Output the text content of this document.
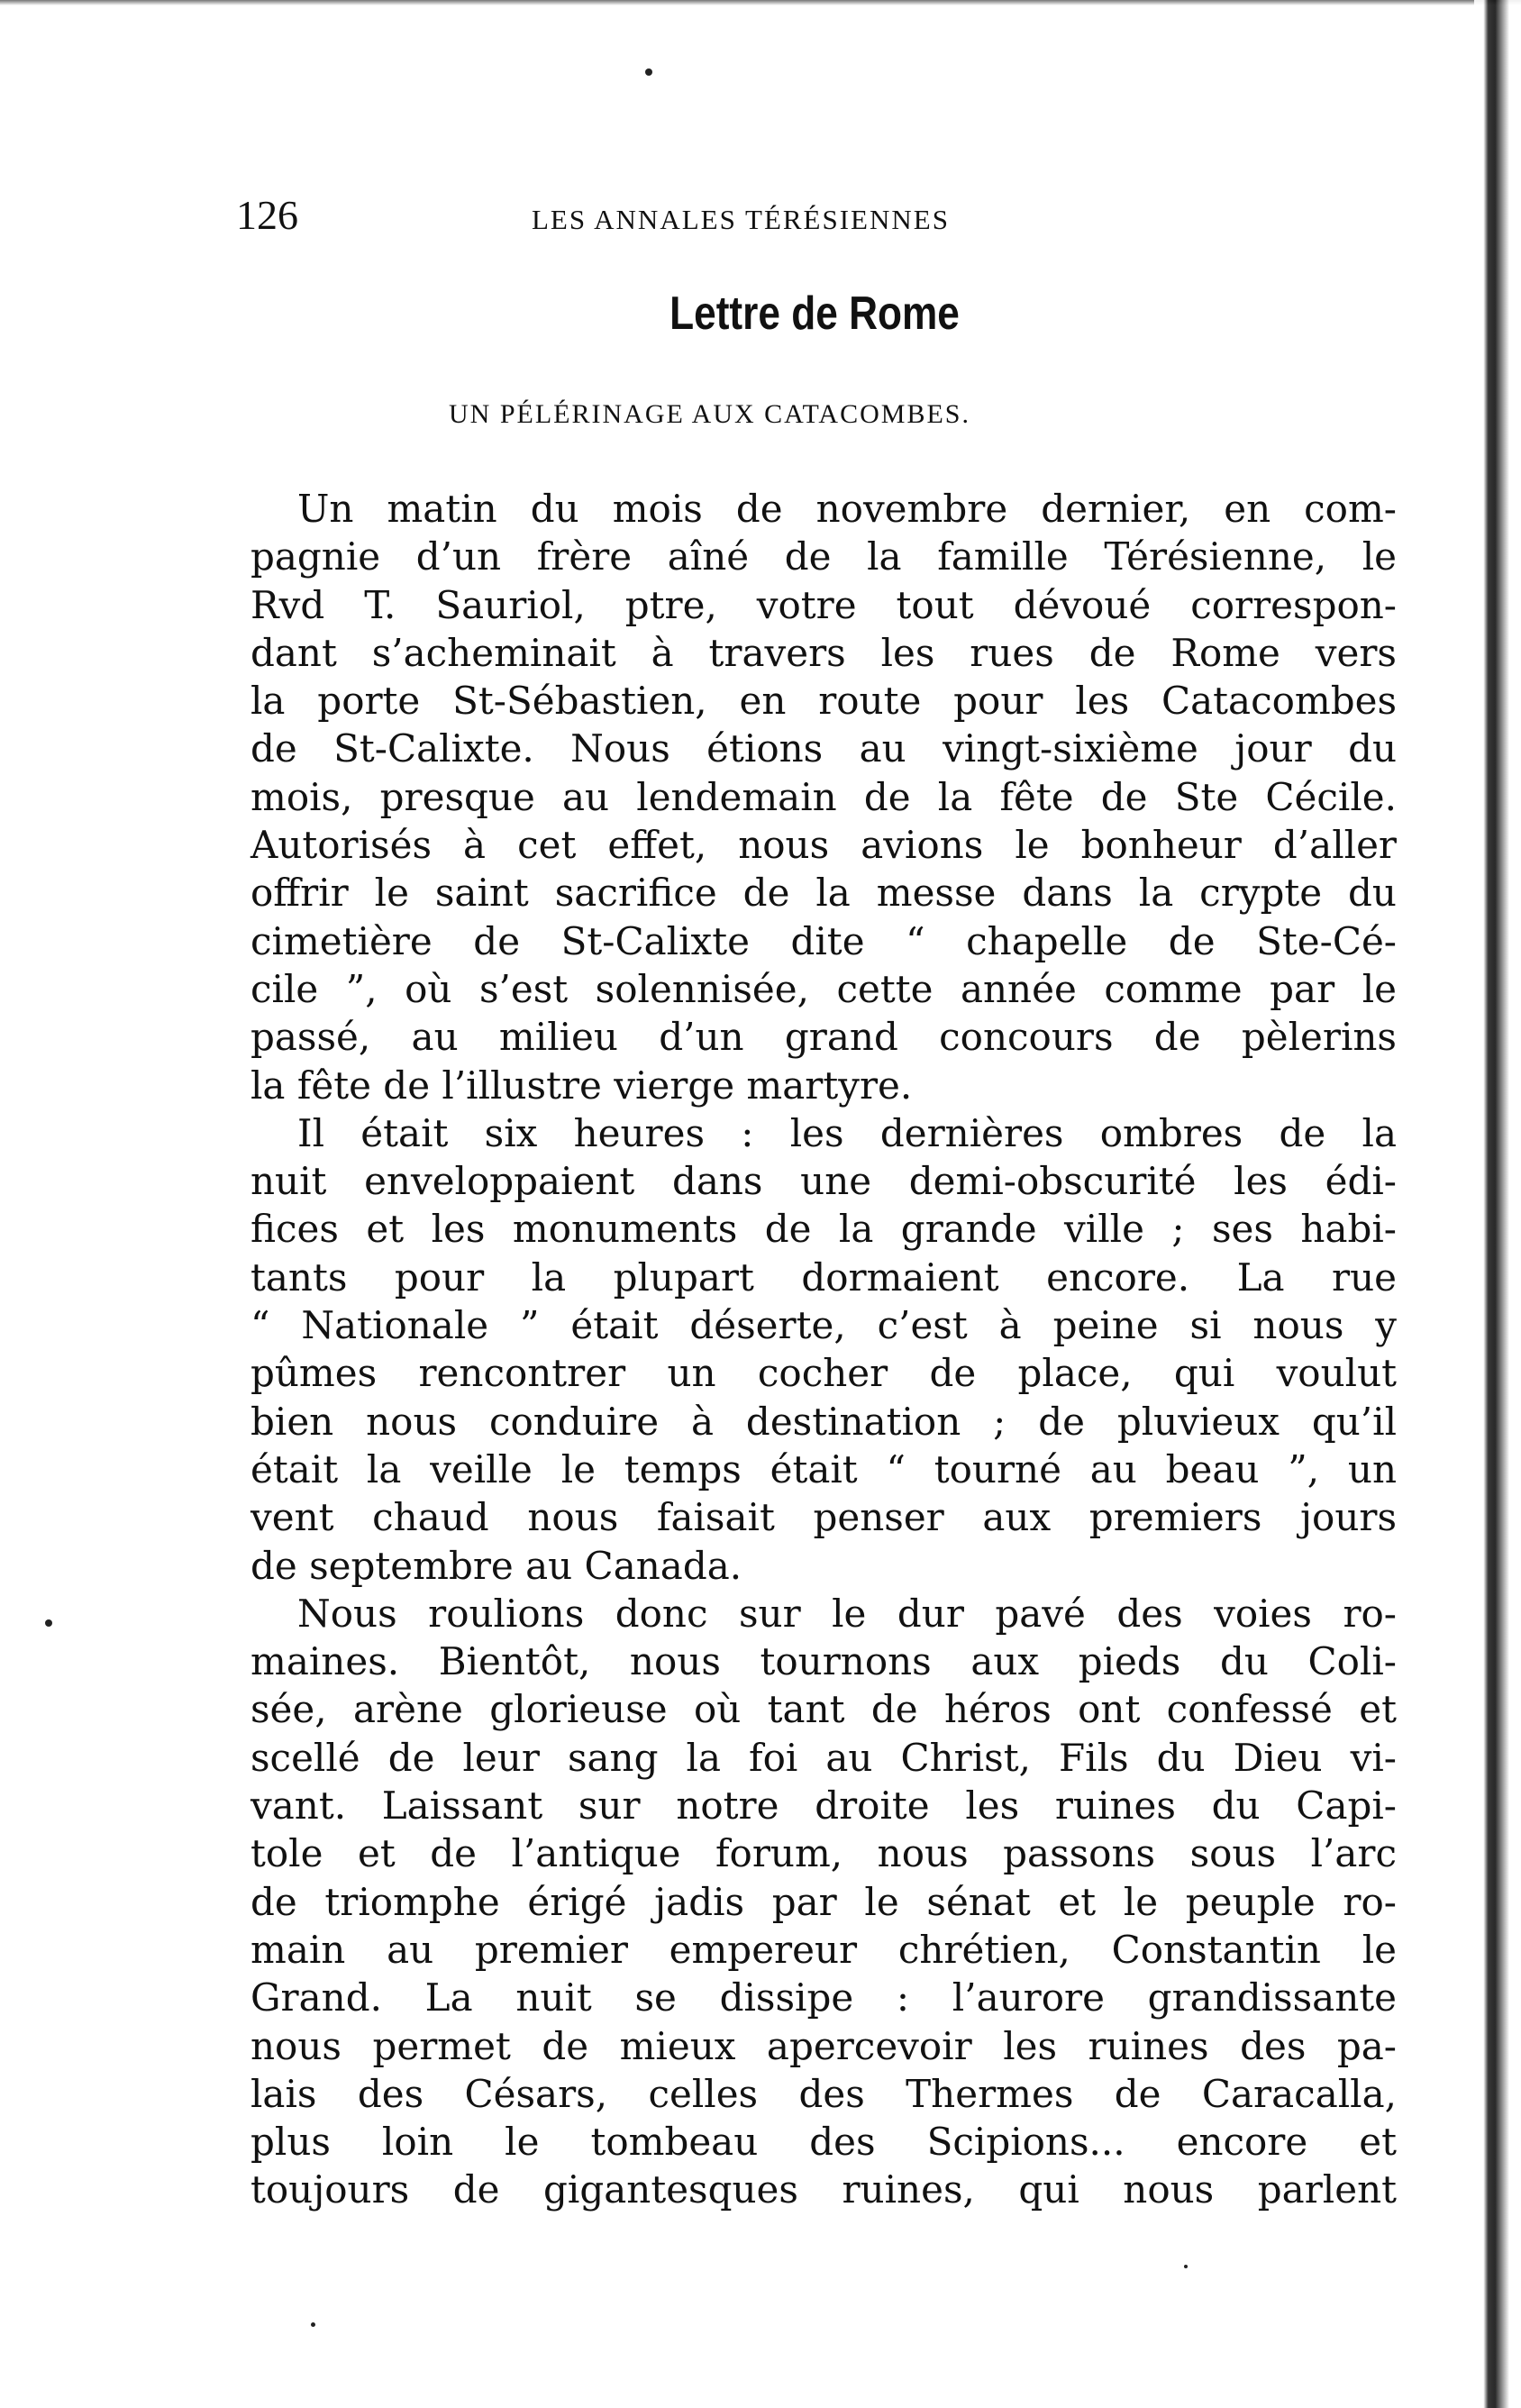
126	LES ANNALES TÉRÉSIENNES
Lettre de Rome
UN PÉLÉRINAGE AUX CATACOMBES.
Un matin du mois de novembre dernier, en com-
pagnie d’un frère aîné de la famille Térésienne, le
Rvd T. Sauriol, ptre, votre tout dévoué correspon-
dant s’acheminait à travers les rues de Rome vers
la porte St-Sébastien, en route pour les Catacombes
de St-Calixte. Nous étions au vingt-sixième jour du
mois, presque au lendemain de la fête de Ste Cécile.
Autorisés à cet effet, nous avions le bonheur d’aller
offrir le saint sacrifice de la messe dans la crypte du
cimetière de St-Calixte dite “ chapelle de Ste-Cé-
cile ”, où s’est solennisée, cette année comme par le
passé, au milieu d’un grand concours de pèlerins
la fête de l’illustre vierge martyre.
Il était six heures : les dernières ombres de la
nuit enveloppaient dans une demi-obscurité les édi-
fices et les monuments de la grande ville ; ses habi-
tants pour la plupart dormaient encore. La rue
“ Nationale ” était déserte, c’est à peine si nous y
pûmes rencontrer un cocher de place, qui voulut
bien nous conduire à destination ; de pluvieux qu’il
était la veille le temps était “ tourné au beau ”, un
vent chaud nous faisait penser aux premiers jours
de septembre au Canada.
Nous roulions donc sur le dur pavé des voies ro-
maines. Bientôt, nous tournons aux pieds du Coli-
sée, arène glorieuse où tant de héros ont confessé et
scellé de leur sang la foi au Christ, Fils du Dieu vi-
vant. Laissant sur notre droite les ruines du Capi-
tole et de l’antique forum, nous passons sous l’arc
de triomphe érigé jadis par le sénat et le peuple ro-
main au premier empereur chrétien, Constantin le
Grand. La nuit se dissipe : l’aurore grandissante
nous permet de mieux apercevoir les ruines des pa-
lais des Césars, celles des Thermes de Caracalla,
plus loin le tombeau des Scipions... encore et
toujours de gigantesques ruines, qui nous parlent
